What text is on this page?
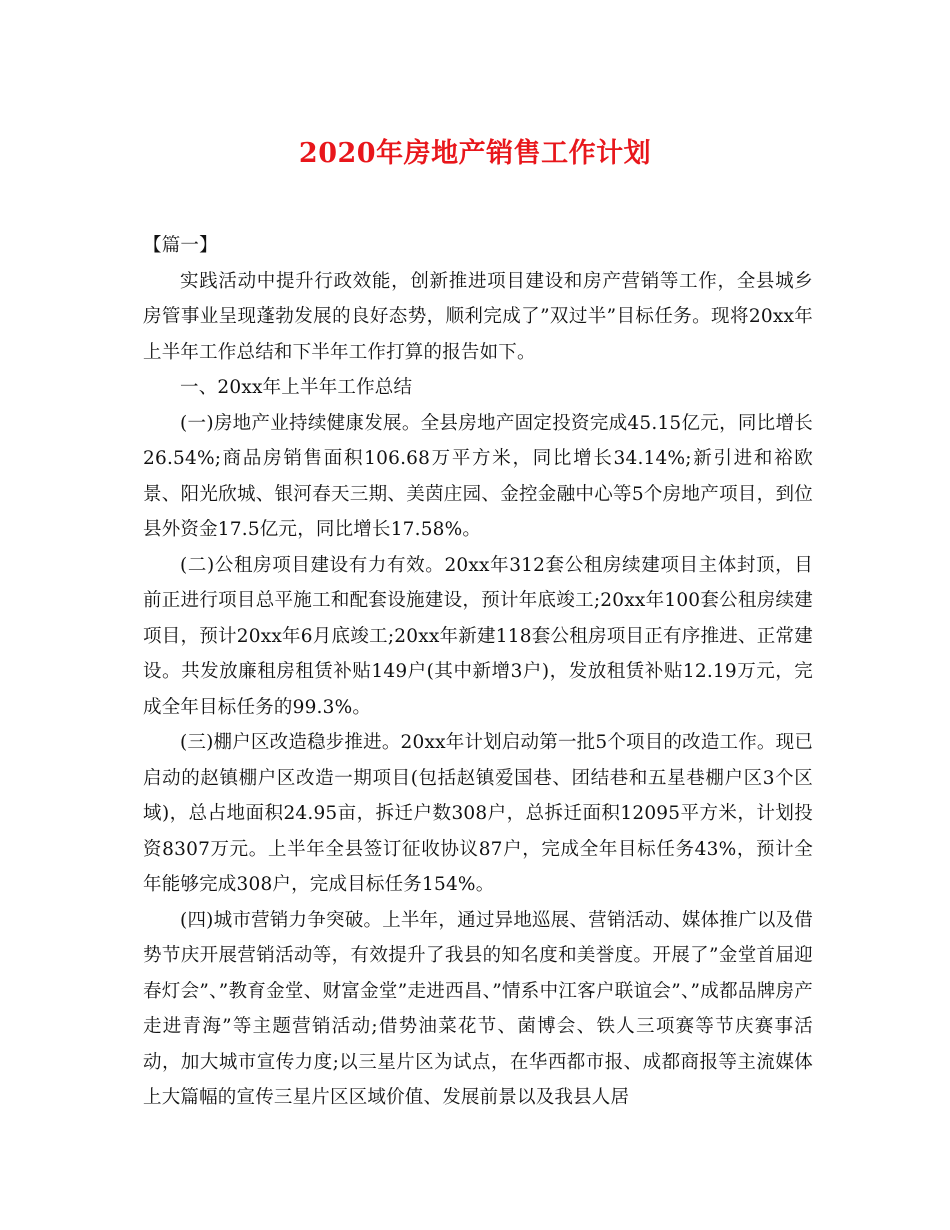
2020年房地产销售工作计划

【篇一】

实践活动中提升行政效能，创新推进项目建设和房产营销等工作，全县城乡房管事业呈现蓬勃发展的良好态势，顺利完成了”双过半”目标任务。现将20xx年上半年工作总结和下半年工作打算的报告如下。

一、20xx年上半年工作总结

(一)房地产业持续健康发展。全县房地产固定投资完成45.15亿元，同比增长26.54%;商品房销售面积106.68万平方米，同比增长34.14%;新引进和裕欧景、阳光欣城、银河春天三期、美茵庄园、金控金融中心等5个房地产项目，到位县外资金17.5亿元，同比增长17.58%。

(二)公租房项目建设有力有效。20xx年312套公租房续建项目主体封顶，目前正进行项目总平施工和配套设施建设，预计年底竣工;20xx年100套公租房续建项目，预计20xx年6月底竣工;20xx年新建118套公租房项目正有序推进、正常建设。共发放廉租房租赁补贴149户(其中新增3户)，发放租赁补贴12.19万元，完成全年目标任务的99.3%。

(三)棚户区改造稳步推进。20xx年计划启动第一批5个项目的改造工作。现已启动的赵镇棚户区改造一期项目(包括赵镇爱国巷、团结巷和五星巷棚户区3个区域)，总占地面积24.95亩，拆迁户数308户，总拆迁面积12095平方米，计划投资8307万元。上半年全县签订征收协议87户，完成全年目标任务43%，预计全年能够完成308户，完成目标任务154%。

(四)城市营销力争突破。上半年，通过异地巡展、营销活动、媒体推广以及借势节庆开展营销活动等，有效提升了我县的知名度和美誉度。开展了”金堂首届迎春灯会”、”教育金堂、财富金堂”走进西昌、”情系中江客户联谊会”、”成都品牌房产走进青海”等主题营销活动;借势油菜花节、菌博会、铁人三项赛等节庆赛事活动，加大城市宣传力度;以三星片区为试点，在华西都市报、成都商报等主流媒体上大篇幅的宣传三星片区区域价值、发展前景以及我县人居
